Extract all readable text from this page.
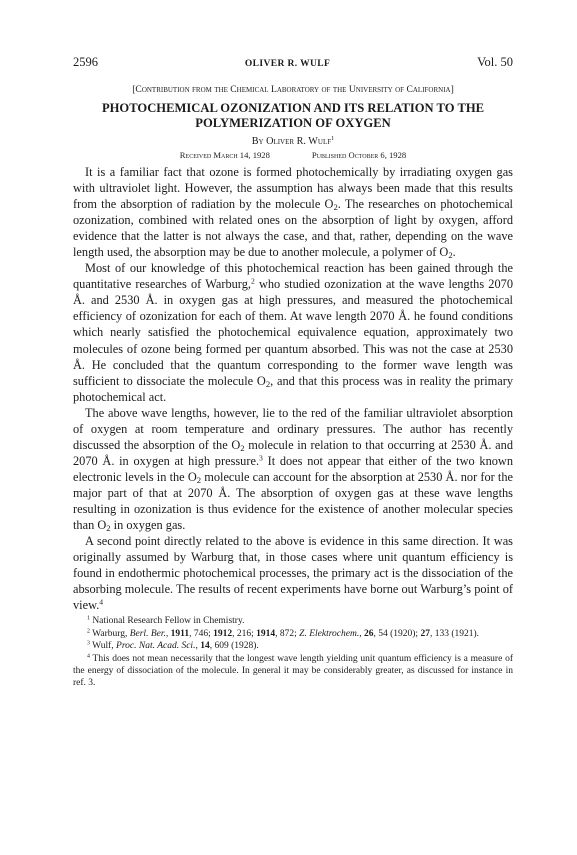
2596	OLIVER R. WULF	Vol. 50
[Contribution from the Chemical Laboratory of the University of California]
PHOTOCHEMICAL OZONIZATION AND ITS RELATION TO THE
POLYMERIZATION OF OXYGEN
By Oliver R. Wulf$^1$
Received March 14, 1928	Published October 6, 1928

It is a familiar fact that ozone is formed photochemically by irradiating oxygen gas with ultraviolet light. However, the assumption has always been made that this results from the absorption of radiation by the molecule $O_2$. The researches on photochemical ozonization, combined with related ones on the absorption of light by oxygen, afford evidence that the latter is not always the case, and that, rather, depending on the wave length used, the absorption may be due to another molecule, a polymer of $O_2$.

Most of our knowledge of this photochemical reaction has been gained through the quantitative researches of Warburg,$^2$ who studied ozonization at the wave lengths 2070 Å. and 2530 Å. in oxygen gas at high pressures, and measured the photochemical efficiency of ozonization for each of them. At wave length 2070 Å. he found conditions which nearly satisfied the photochemical equivalence equation, approximately two molecules of ozone being formed per quantum absorbed. This was not the case at 2530 Å. He concluded that the quantum corresponding to the former wave length was sufficient to dissociate the molecule $O_2$, and that this process was in reality the primary photochemical act.

The above wave lengths, however, lie to the red of the familiar ultraviolet absorption of oxygen at room temperature and ordinary pressures. The author has recently discussed the absorption of the $O_2$ molecule in relation to that occurring at 2530 Å. and 2070 Å. in oxygen at high pressure.$^3$ It does not appear that either of the two known electronic levels in the $O_2$ molecule can account for the absorption at 2530 Å. nor for the major part of that at 2070 Å. The absorption of oxygen gas at these wave lengths resulting in ozonization is thus evidence for the existence of another molecular species than $O_2$ in oxygen gas.

A second point directly related to the above is evidence in this same direction. It was originally assumed by Warburg that, in those cases where unit quantum efficiency is found in endothermic photochemical processes, the primary act is the dissociation of the absorbing molecule. The results of recent experiments have borne out Warburg’s point of view.$^4$

$^1$ National Research Fellow in Chemistry.

$^2$ Warburg, Berl. Ber., 1911, 746; 1912, 216; 1914, 872; Z. Elektrochem., 26, 54 (1920); 27, 133 (1921).

$^3$ Wulf, Proc. Nat. Acad. Sci., 14, 609 (1928).

$^4$ This does not mean necessarily that the longest wave length yielding unit quantum efficiency is a measure of the energy of dissociation of the molecule. In general it may be considerably greater, as discussed for instance in ref. 3.
